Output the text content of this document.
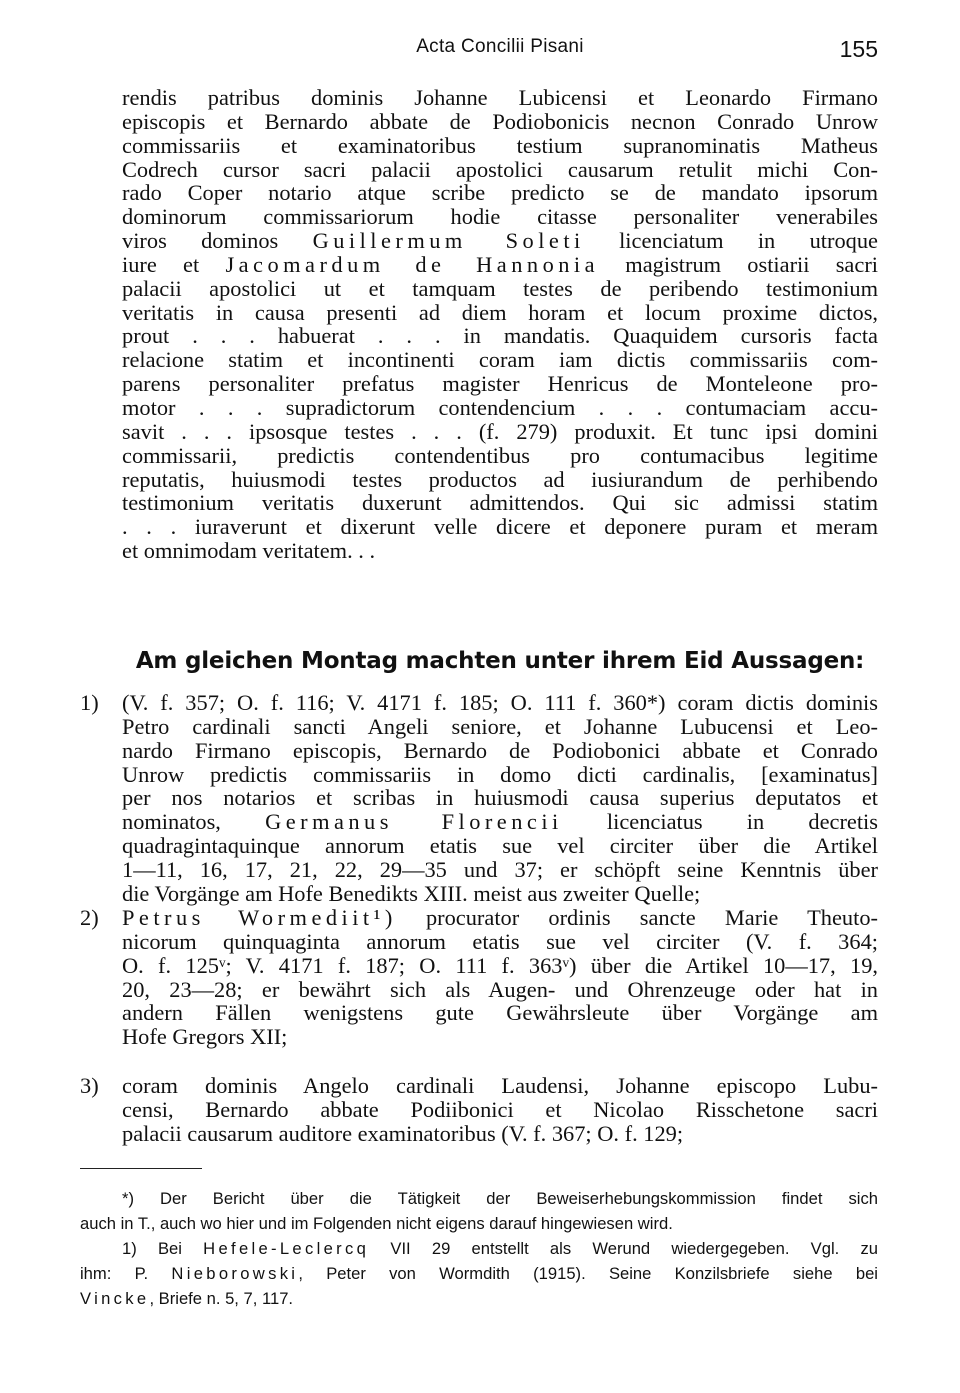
Acta Concilii Pisani	155
rendis patribus dominis Johanne Lubicensi et Leonardo Firmano
episcopis et Bernardo abbate de Podiobonicis necnon Conrado Unrow
commissariis et examinatoribus testium supranominatis Matheus
Codrech cursor sacri palacii apostolici causarum retulit michi Con-
rado Coper notario atque scribe predicto se de mandato ipsorum
dominorum commissariorum hodie citasse personaliter venerabiles
viros dominos Guillermum Soleti licenciatum in utroque
iure et Jacomardum de Hannonia magistrum ostiarii sacri
palacii apostolici ut et tamquam testes de peribendo testimonium
veritatis in causa presenti ad diem horam et locum proxime dictos,
prout . . . habuerat . . . in mandatis. Quaquidem cursoris facta
relacione statim et incontinenti coram iam dictis commissariis com-
parens personaliter prefatus magister Henricus de Monteleone pro-
motor . . . supradictorum contendencium . . . contumaciam accu-
savit . . . ipsosque testes . . . (f. 279) produxit. Et tunc ipsi domini
commissarii, predictis contendentibus pro contumacibus legitime
reputatis, huiusmodi testes productos ad iusiurandum de perhibendo
testimonium veritatis duxerunt admittendos. Qui sic admissi statim
. . . iuraverunt et dixerunt velle dicere et deponere puram et meram
et omnimodam veritatem. . .
Am gleichen Montag machten unter ihrem Eid Aussagen:
1)	(V. f. 357; O. f. 116; V. 4171 f. 185; O. 111 f. 360*) coram dictis dominis
Petro cardinali sancti Angeli seniore, et Johanne Lubucensi et Leo-
nardo Firmano episcopis, Bernardo de Podiobonici abbate et Conrado
Unrow predictis commissariis in domo dicti cardinalis, [examinatus]
per nos notarios et scribas in huiusmodi causa superius deputatos et
nominatos, Germanus Florencii licenciatus in decretis
quadragintaquinque annorum etatis sue vel circiter über die Artikel
1—11, 16, 17, 21, 22, 29—35 und 37; er schöpft seine Kenntnis über
die Vorgänge am Hofe Benedikts XIII. meist aus zweiter Quelle;
2)	Petrus Wormediit¹) procurator ordinis sancte Marie Theuto-
nicorum quinquaginta annorum etatis sue vel circiter (V. f. 364;
O. f. 125ᵛ; V. 4171 f. 187; O. 111 f. 363ᵛ) über die Artikel 10—17, 19,
20, 23—28; er bewährt sich als Augen- und Ohrenzeuge oder hat in
andern Fällen wenigstens gute Gewährsleute über Vorgänge am
Hofe Gregors XII;
3)	coram dominis Angelo cardinali Laudensi, Johanne episcopo Lubu-
censi, Bernardo abbate Podiibonici et Nicolao Risschetone sacri
palacii causarum auditore examinatoribus (V. f. 367; O. f. 129;
*) Der Bericht über die Tätigkeit der Beweiserhebungskommission findet sich
auch in T., auch wo hier und im Folgenden nicht eigens darauf hingewiesen wird.
1) Bei Hefele-Leclercq VII 29 entstellt als Werund wiedergegeben. Vgl. zu
ihm: P. Nieborowski, Peter von Wormdith (1915). Seine Konzilsbriefe siehe bei
Vincke, Briefe n. 5, 7, 117.
